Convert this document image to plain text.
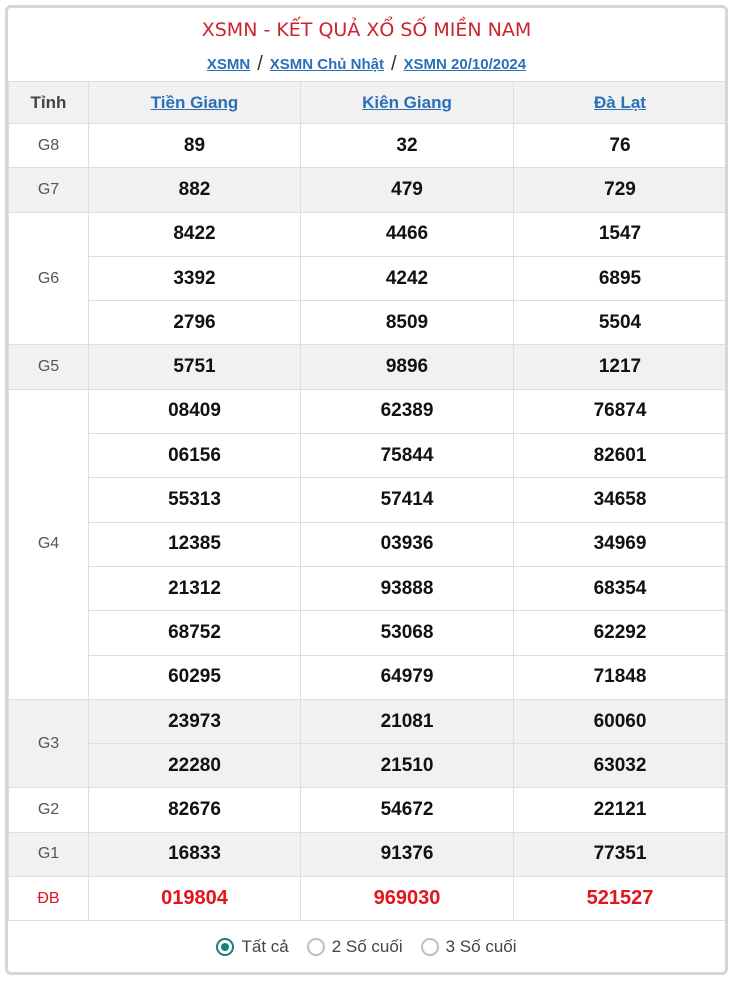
XSMN - KẾT QUẢ XỔ SỐ MIỀN NAM
XSMN / XSMN Chủ Nhật / XSMN 20/10/2024
Tỉnh	Tiền Giang	Kiên Giang	Đà Lạt
G8	89	32	76
G7	882	479	729
G6	8422	4466	1547
	3392	4242	6895
	2796	8509	5504
G5	5751	9896	1217
G4	08409	62389	76874
	06156	75844	82601
	55313	57414	34658
	12385	03936	34969
	21312	93888	68354
	68752	53068	62292
	60295	64979	71848
G3	23973	21081	60060
	22280	21510	63032
G2	82676	54672	22121
G1	16833	91376	77351
ĐB	019804	969030	521527
Tất cả	2 Số cuối	3 Số cuối
